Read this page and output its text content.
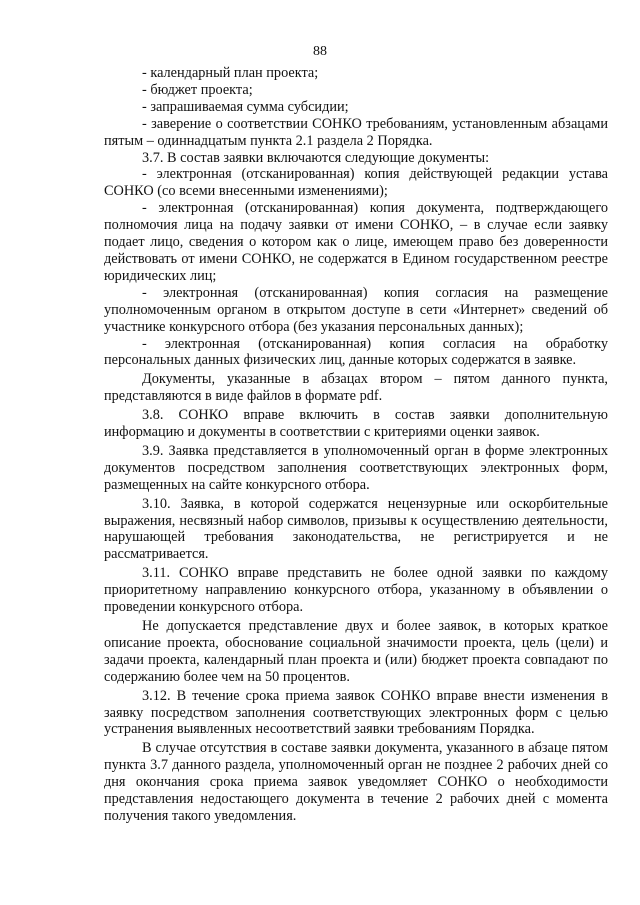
88

- календарный план проекта;

- бюджет проекта;

- запрашиваемая сумма субсидии;

- заверение о соответствии СОНКО требованиям, установленным абзацами пятым – одиннадцатым пункта 2.1 раздела 2 Порядка.

3.7. В состав заявки включаются следующие документы:

- электронная (отсканированная) копия действующей редакции устава СОНКО (со всеми внесенными изменениями);

- электронная (отсканированная) копия документа, подтверждающего полномочия лица на подачу заявки от имени СОНКО, – в случае если заявку подает лицо, сведения о котором как о лице, имеющем право без доверенности действовать от имени СОНКО, не содержатся в Едином государственном реестре юридических лиц;

- электронная (отсканированная) копия согласия на размещение уполномоченным органом в открытом доступе в сети «Интернет» сведений об участнике конкурсного отбора (без указания персональных данных);

- электронная (отсканированная) копия согласия на обработку персональных данных физических лиц, данные которых содержатся в заявке.

Документы, указанные в абзацах втором – пятом данного пункта, представляются в виде файлов в формате pdf.

3.8. СОНКО вправе включить в состав заявки дополнительную информацию и документы в соответствии с критериями оценки заявок.

3.9. Заявка представляется в уполномоченный орган в форме электронных документов посредством заполнения соответствующих электронных форм, размещенных на сайте конкурсного отбора.

3.10. Заявка, в которой содержатся нецензурные или оскорбительные выражения, несвязный набор символов, призывы к осуществлению деятельности, нарушающей требования законодательства, не регистрируется и не рассматривается.

3.11. СОНКО вправе представить не более одной заявки по каждому приоритетному направлению конкурсного отбора, указанному в объявлении о проведении конкурсного отбора.

Не допускается представление двух и более заявок, в которых краткое описание проекта, обоснование социальной значимости проекта, цель (цели) и задачи проекта, календарный план проекта и (или) бюджет проекта совпадают по содержанию более чем на 50 процентов.

3.12. В течение срока приема заявок СОНКО вправе внести изменения в заявку посредством заполнения соответствующих электронных форм с целью устранения выявленных несоответствий заявки требованиям Порядка.

В случае отсутствия в составе заявки документа, указанного в абзаце пятом пункта 3.7 данного раздела, уполномоченный орган не позднее 2 рабочих дней со дня окончания срока приема заявок уведомляет СОНКО о необходимости представления недостающего документа в течение 2 рабочих дней с момента получения такого уведомления.
